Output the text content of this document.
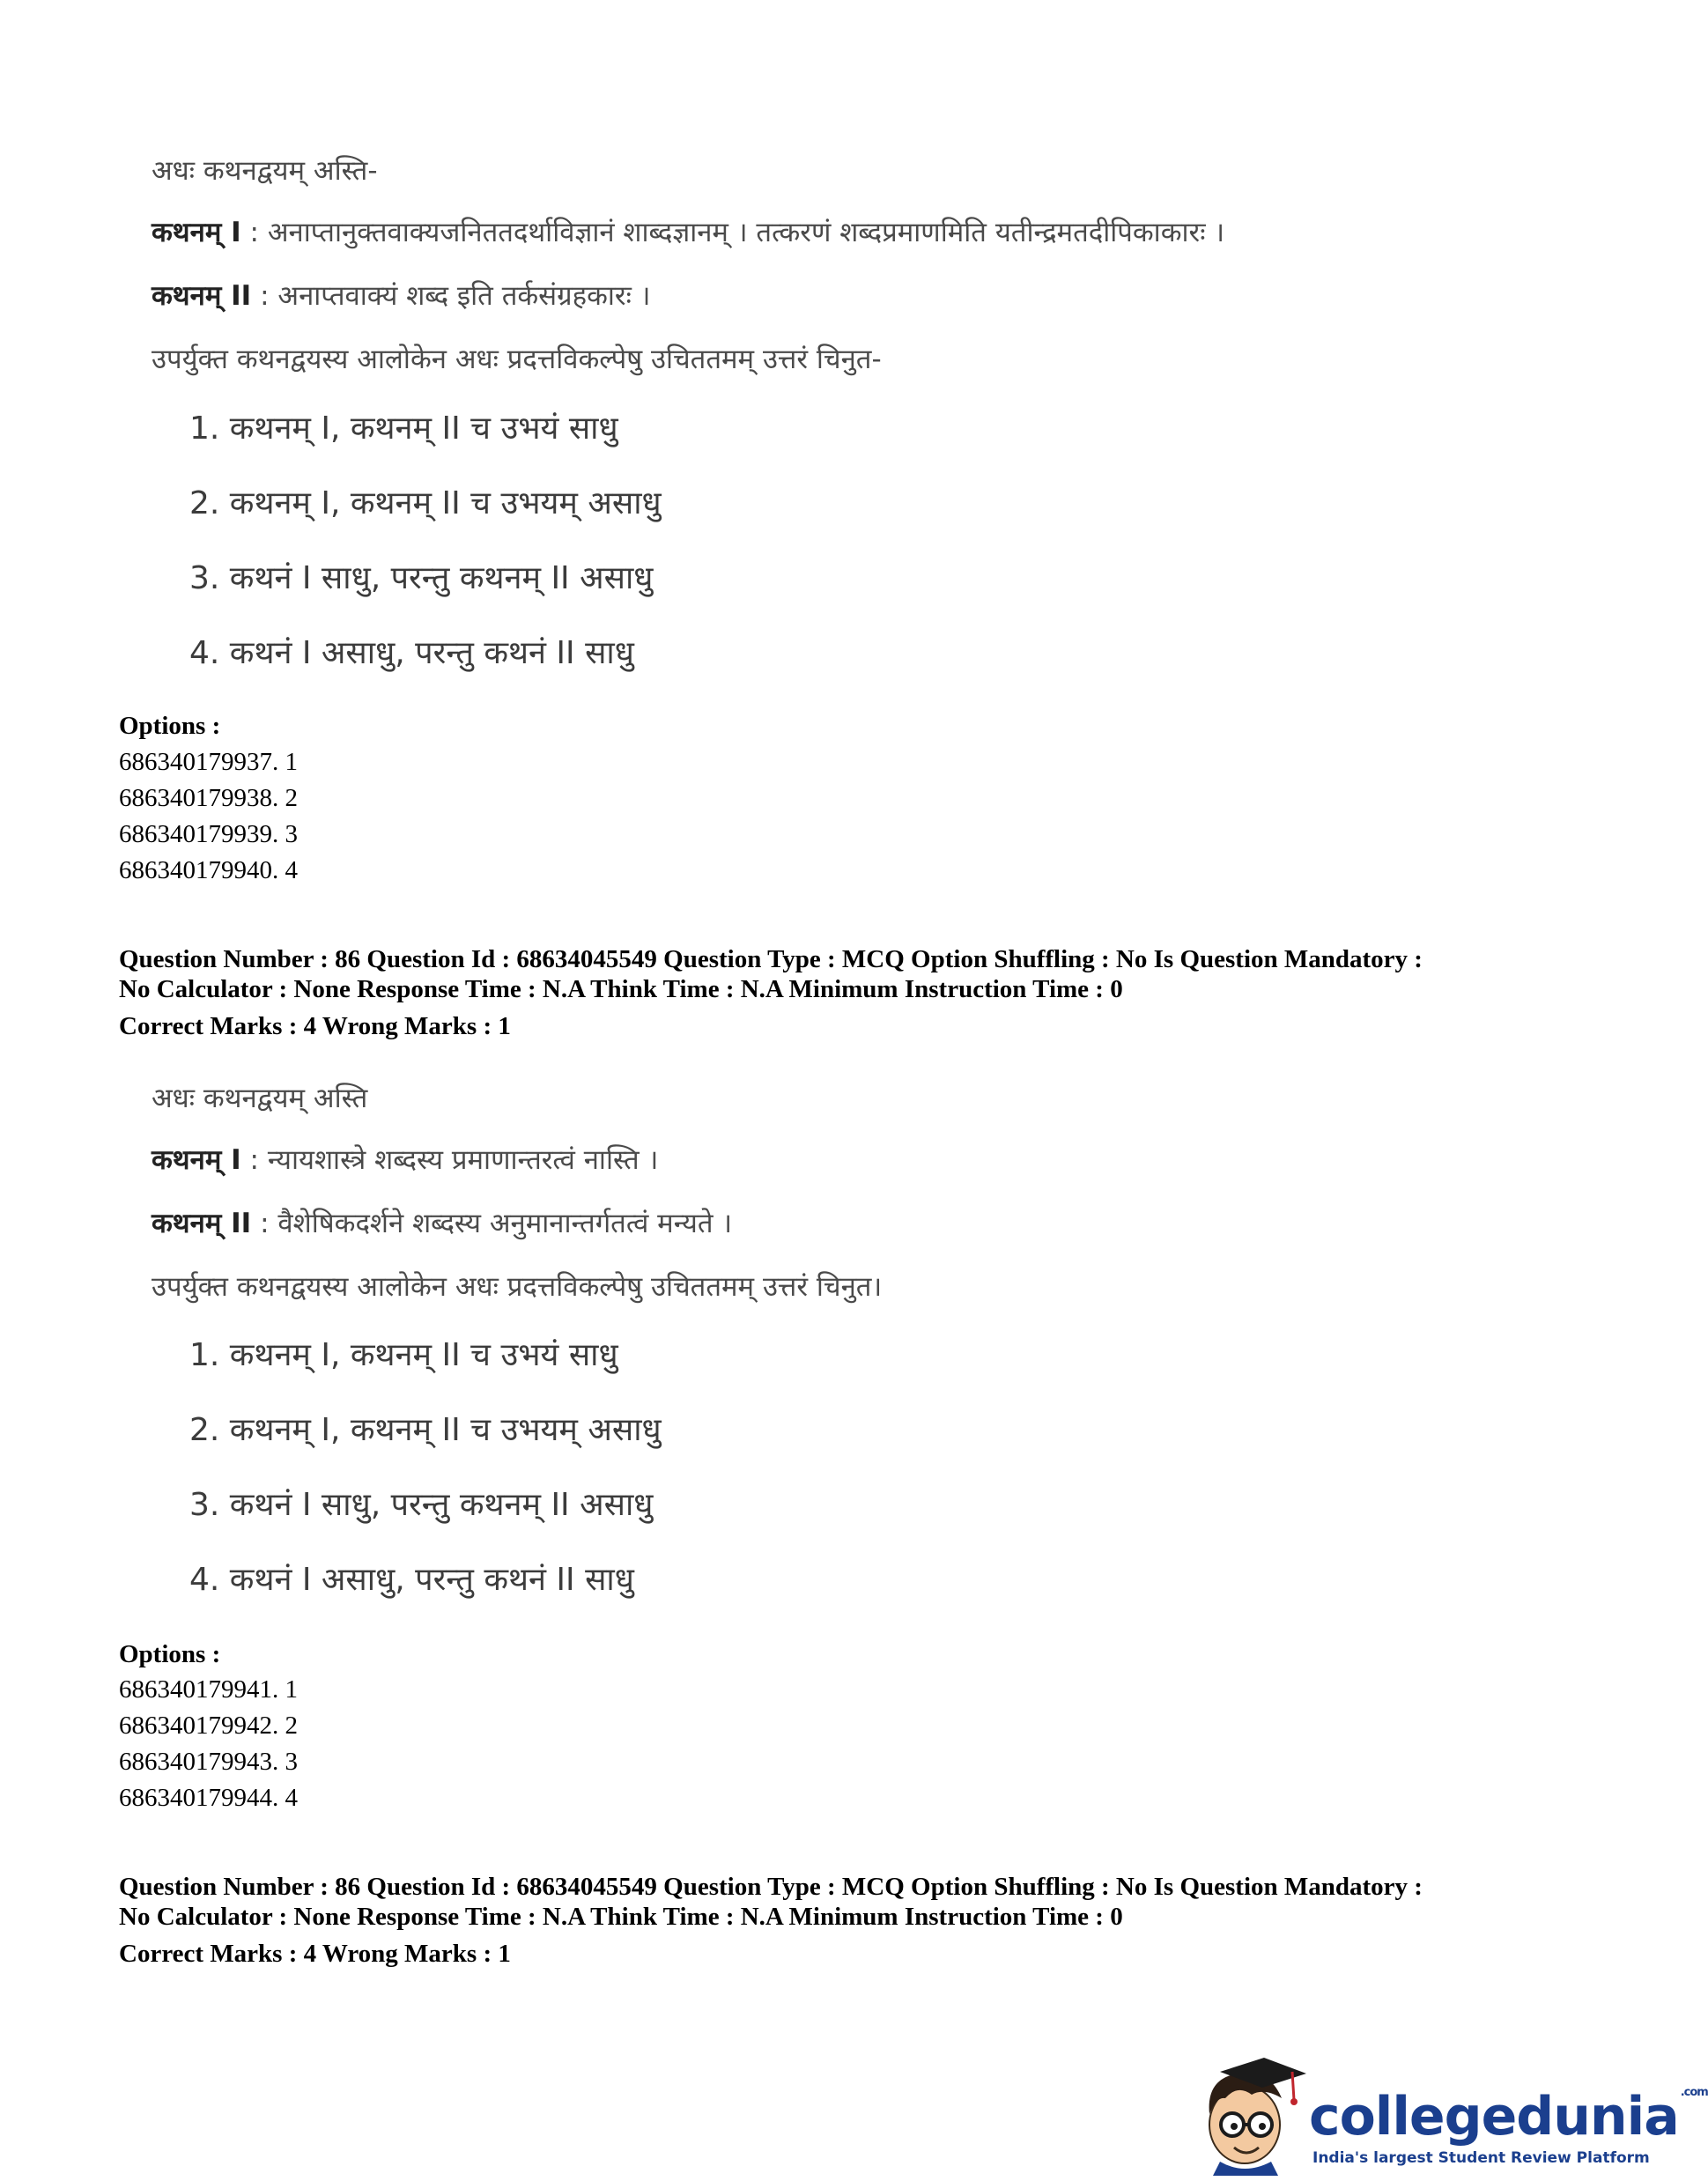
अधः कथनद्वयम् अस्ति-
कथनम् I : अनाप्तानुक्तवाक्यजनिततदर्थाविज्ञानं शाब्दज्ञानम् । तत्करणं शब्दप्रमाणमिति यतीन्द्रमतदीपिकाकारः ।
कथनम् II : अनाप्तवाक्यं शब्द इति तर्कसंग्रहकारः ।
उपर्युक्त कथनद्वयस्य आलोकेन अधः प्रदत्तविकल्पेषु उचिततमम् उत्तरं चिनुत-
1. कथनम् I, कथनम् II च उभयं साधु
2. कथनम् I, कथनम् II च उभयम् असाधु
3. कथनं I साधु, परन्तु कथनम् II असाधु
4. कथनं I असाधु, परन्तु कथनं II साधु
Options :
686340179937. 1
686340179938. 2
686340179939. 3
686340179940. 4
Question Number : 86 Question Id : 68634045549 Question Type : MCQ Option Shuffling : No Is Question Mandatory :
No Calculator : None Response Time : N.A Think Time : N.A Minimum Instruction Time : 0
Correct Marks : 4 Wrong Marks : 1
अधः कथनद्वयम् अस्ति
कथनम् I : न्यायशास्त्रे शब्दस्य प्रमाणान्तरत्वं नास्ति ।
कथनम् II : वैशेषिकदर्शने शब्दस्य अनुमानान्तर्गतत्वं मन्यते ।
उपर्युक्त कथनद्वयस्य आलोकेन अधः प्रदत्तविकल्पेषु उचिततमम् उत्तरं चिनुत।
1. कथनम् I, कथनम् II च उभयं साधु
2. कथनम् I, कथनम् II च उभयम् असाधु
3. कथनं I साधु, परन्तु कथनम् II असाधु
4. कथनं I असाधु, परन्तु कथनं II साधु
Options :
686340179941. 1
686340179942. 2
686340179943. 3
686340179944. 4
Question Number : 86 Question Id : 68634045549 Question Type : MCQ Option Shuffling : No Is Question Mandatory :
No Calculator : None Response Time : N.A Think Time : N.A Minimum Instruction Time : 0
Correct Marks : 4 Wrong Marks : 1
collegedunia $^{.com}$
India's largest Student Review Platform
